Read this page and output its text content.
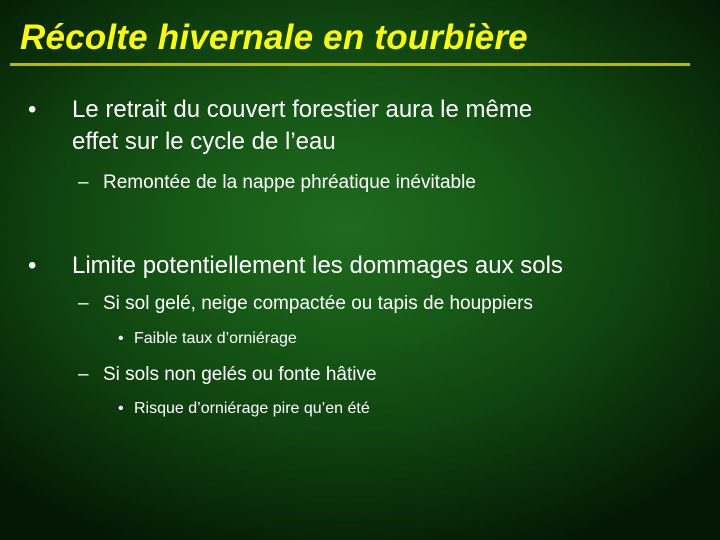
Récolte hivernale en tourbière
• Le retrait du couvert forestier aura le même
effet sur le cycle de l’eau
– Remontée de la nappe phréatique inévitable
• Limite potentiellement les dommages aux sols
– Si sol gelé, neige compactée ou tapis de houppiers
• Faible taux d’orniérage
– Si sols non gelés ou fonte hâtive
• Risque d’orniérage pire qu’en été
